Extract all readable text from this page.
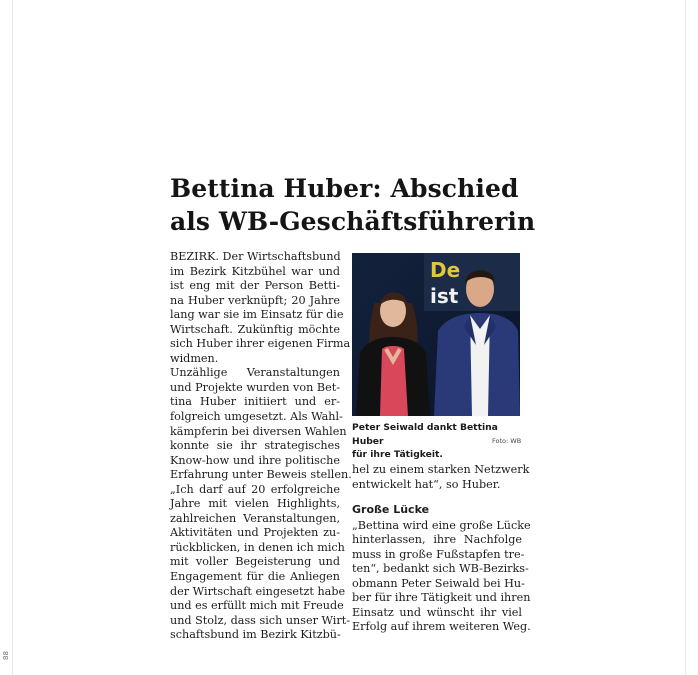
88
Bettina Huber: Abschied
als WB-Geschäftsführerin
BEZIRK. Der Wirtschaftsbund
im Bezirk Kitzbühel war und
ist eng mit der Person Betti-
na Huber verknüpft; 20 Jahre
lang war sie im Einsatz für die
Wirtschaft. Zukünftig möchte
sich Huber ihrer eigenen Firma
widmen.
Unzählige Veranstaltungen
und Projekte wurden von Bet-
tina Huber initiiert und er-
folgreich umgesetzt. Als Wahl-
kämpferin bei diversen Wahlen
konnte sie ihr strategisches
Know-how und ihre politische
Erfahrung unter Beweis stellen.
„Ich darf auf 20 erfolgreiche
Jahre mit vielen Highlights,
zahlreichen Veranstaltungen,
Aktivitäten und Projekten zu-
rückblicken, in denen ich mich
mit voller Begeisterung und
Engagement für die Anliegen
der Wirtschaft eingesetzt habe
und es erfüllt mich mit Freude
und Stolz, dass sich unser Wirt-
schaftsbund im Bezirk Kitzbü-
De
ist
Peter Seiwald dankt Bettina Huber
für ihre Tätigkeit.
Foto: WB
hel zu einem starken Netzwerk
entwickelt hat“, so Huber.
Große Lücke
„Bettina wird eine große Lücke
hinterlassen, ihre Nachfolge
muss in große Fußstapfen tre-
ten“, bedankt sich WB-Bezirks-
obmann Peter Seiwald bei Hu-
ber für ihre Tätigkeit und ihren
Einsatz und wünscht ihr viel
Erfolg auf ihrem weiteren Weg.
